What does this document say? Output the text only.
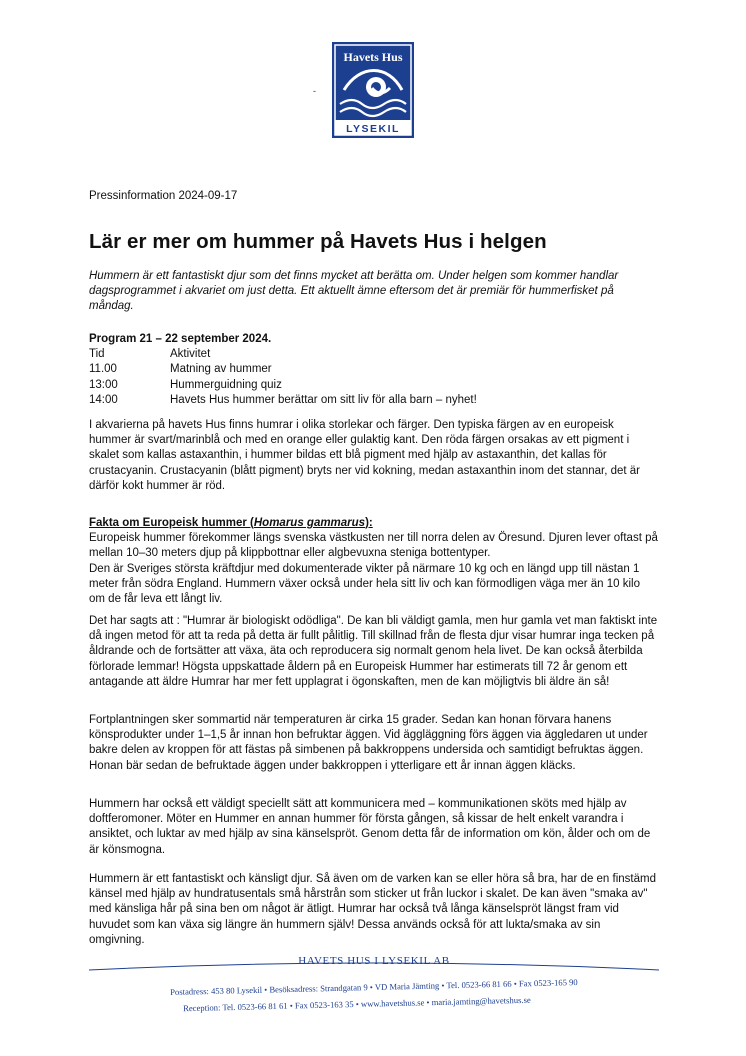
Havets Hus
LYSEKIL
-
Pressinformation 2024-09-17
Lär er mer om hummer på Havets Hus i helgen

Hummern är ett fantastiskt djur som det finns mycket att berätta om. Under helgen som kommer handlar dagsprogrammet i akvariet om just detta. Ett aktuellt ämne eftersom det är premiär för hummerfisket på måndag.

Program 21 – 22 september 2024.
Tid	Aktivitet
11.00	Matning av hummer
13:00	Hummerguidning quiz
14:00	Havets Hus hummer berättar om sitt liv för alla barn – nyhet!

I akvarierna på havets Hus finns humrar i olika storlekar och färger. Den typiska färgen av en europeisk hummer är svart/marinblå och med en orange eller gulaktig kant. Den röda färgen orsakas av ett pigment i skalet som kallas astaxanthin, i hummer bildas ett blå pigment med hjälp av astaxanthin, det kallas för crustacyanin. Crustacyanin (blått pigment) bryts ner vid kokning, medan astaxanthin inom det stannar, det är därför kokt hummer är röd.

Fakta om Europeisk hummer (Homarus gammarus):
Europeisk hummer förekommer längs svenska västkusten ner till norra delen av Öresund. Djuren lever oftast på mellan 10–30 meters djup på klippbottnar eller algbevuxna steniga bottentyper.
Den är Sveriges största kräftdjur med dokumenterade vikter på närmare 10 kg och en längd upp till nästan 1 meter från södra England. Hummern växer också under hela sitt liv och kan förmodligen väga mer än 10 kilo om de får leva ett långt liv.

Det har sagts att : "Humrar är biologiskt odödliga". De kan bli väldigt gamla, men hur gamla vet man faktiskt inte då ingen metod för att ta reda på detta är fullt pålitlig. Till skillnad från de flesta djur visar humrar inga tecken på åldrande och de fortsätter att växa, äta och reproducera sig normalt genom hela livet. De kan också återbilda förlorade lemmar! Högsta uppskattade åldern på en Europeisk Hummer har estimerats till 72 år genom ett antagande att äldre Humrar har mer fett upplagrat i ögonskaften, men de kan möjligtvis bli äldre än så!

Fortplantningen sker sommartid när temperaturen är cirka 15 grader. Sedan kan honan förvara hanens könsprodukter under 1–1,5 år innan hon befruktar äggen. Vid äggläggning förs äggen via äggledaren ut under bakre delen av kroppen för att fästas på simbenen på bakkroppens undersida och samtidigt befruktas äggen. Honan bär sedan de befruktade äggen under bakkroppen i ytterligare ett år innan äggen kläcks.

Hummern har också ett väldigt speciellt sätt att kommunicera med – kommunikationen sköts med hjälp av doftferomoner. Möter en Hummer en annan hummer för första gången, så kissar de helt enkelt varandra i ansiktet, och luktar av med hjälp av sina känselspröt. Genom detta får de information om kön, ålder och om de är könsmogna.

Hummern är ett fantastiskt och känsligt djur. Så även om de varken kan se eller höra så bra, har de en finstämd känsel med hjälp av hundratusentals små hårstrån som sticker ut från luckor i skalet. De kan även "smaka av" med känsliga hår på sina ben om något är ätligt. Humrar har också två långa känselspröt längst fram vid huvudet som kan växa sig längre än hummern själv! Dessa används också för att lukta/smaka av sin omgivning.

HAVETS HUS I LYSEKIL AB
Postadress: 453 80 Lysekil • Besöksadress: Strandgatan 9 • VD Maria Jämting • Tel. 0523-66 81 66 • Fax 0523-165 90
Reception: Tel. 0523-66 81 61 • Fax 0523-163 35 • www.havetshus.se • maria.jamting@havetshus.se
